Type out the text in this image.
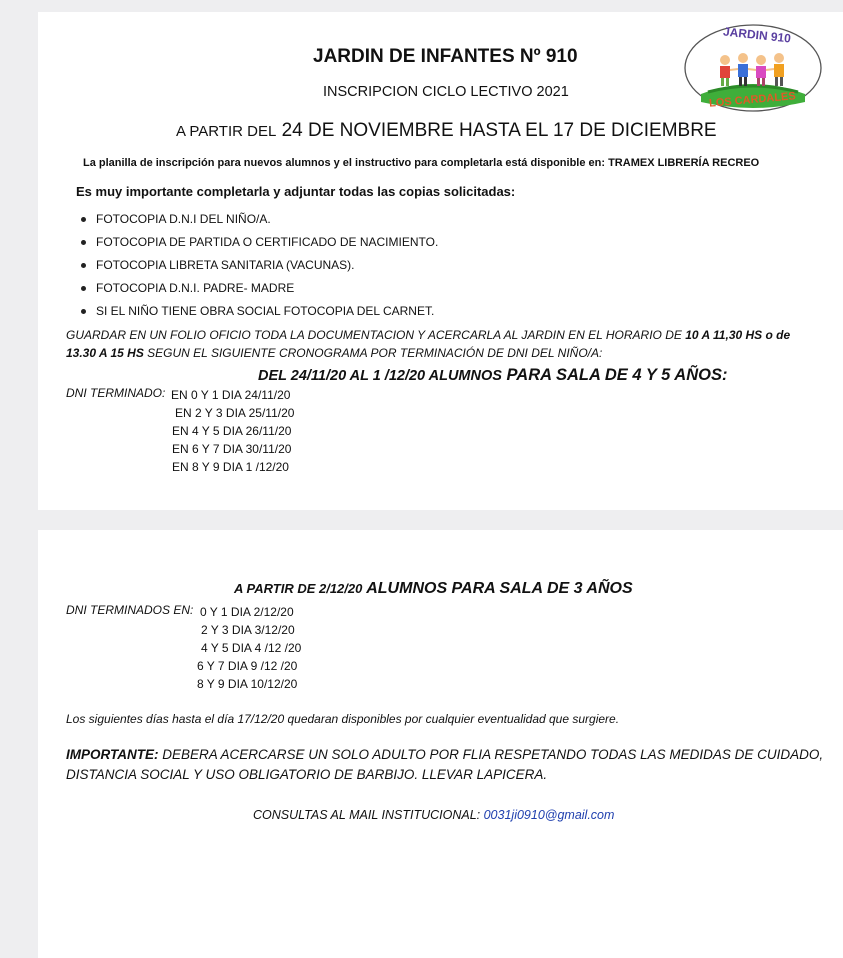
JARDIN DE INFANTES Nº 910
INSCRIPCION CICLO LECTIVO 2021
A PARTIR DEL 24 DE NOVIEMBRE HASTA EL 17 DE DICIEMBRE
La planilla de inscripción para nuevos alumnos y el instructivo para completarla está disponible en: TRAMEX LIBRERÍA RECREO
Es muy importante completarla y adjuntar todas las copias solicitadas:
FOTOCOPIA D.N.I DEL NIÑO/A.
FOTOCOPIA DE PARTIDA O CERTIFICADO DE NACIMIENTO.
FOTOCOPIA LIBRETA SANITARIA (VACUNAS).
FOTOCOPIA D.N.I. PADRE- MADRE
SI EL NIÑO TIENE OBRA SOCIAL FOTOCOPIA DEL CARNET.
GUARDAR EN UN FOLIO OFICIO TODA LA DOCUMENTACION Y ACERCARLA AL JARDIN EN EL HORARIO DE 10 A 11,30 HS o de
13.30 A 15 HS SEGUN EL SIGUIENTE CRONOGRAMA POR TERMINACIÓN DE DNI DEL NIÑO/A:
DEL 24/11/20 AL 1 /12/20 ALUMNOS PARA SALA DE 4 Y 5 AÑOS:
DNI TERMINADO: EN 0 Y 1 DIA 24/11/20
EN 2 Y 3 DIA 25/11/20
EN 4 Y 5 DIA 26/11/20
EN 6 Y 7 DIA 30/11/20
EN 8 Y 9 DIA 1 /12/20
JARDIN 910
LOS CARDALES
A PARTIR DE 2/12/20 ALUMNOS PARA SALA DE 3 AÑOS
DNI TERMINADOS EN: 0 Y 1 DIA 2/12/20
2 Y 3 DIA 3/12/20
4 Y 5 DIA 4 /12 /20
6 Y 7 DIA 9 /12 /20
8 Y 9 DIA 10/12/20
Los siguientes días hasta el día 17/12/20 quedaran disponibles por cualquier eventualidad que surgiere.
IMPORTANTE: DEBERA ACERCARSE UN SOLO ADULTO POR FLIA RESPETANDO TODAS LAS MEDIDAS DE CUIDADO,
DISTANCIA SOCIAL Y USO OBLIGATORIO DE BARBIJO. LLEVAR LAPICERA.
CONSULTAS AL MAIL INSTITUCIONAL: 0031ji0910@gmail.com
